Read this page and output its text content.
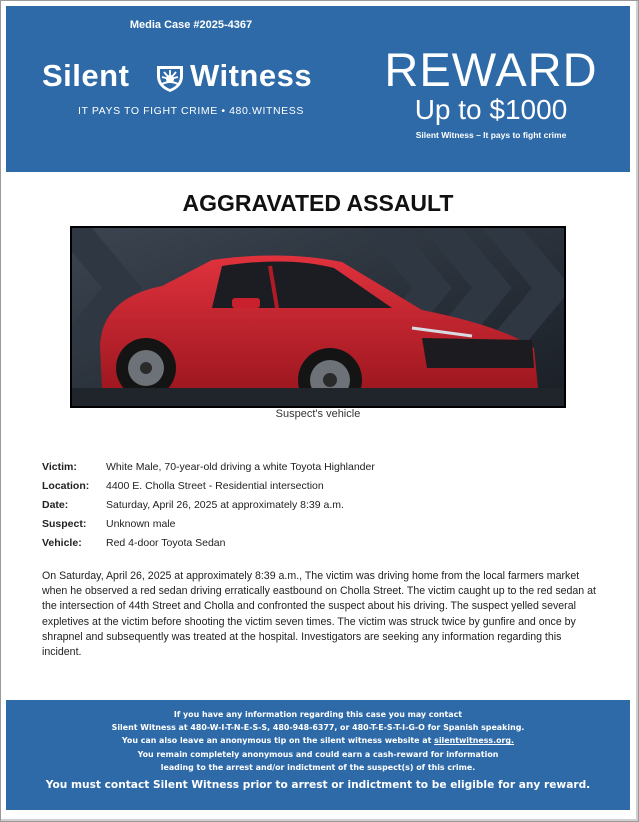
Media Case #2025-4367
Silent Witness
IT PAYS TO FIGHT CRIME • 480.WITNESS
REWARD
Up to $1000
Silent Witness – It pays to fight crime
AGGRAVATED ASSAULT
Suspect's vehicle
Victim:	White Male, 70-year-old driving a white Toyota Highlander
Location: 4400 E. Cholla Street - Residential intersection
Date:	Saturday, April 26, 2025 at approximately 8:39 a.m.
Suspect: Unknown male
Vehicle: Red 4-door Toyota Sedan
On Saturday, April 26, 2025 at approximately 8:39 a.m., The victim was driving home from the local farmers market when he observed a red sedan driving erratically eastbound on Cholla Street. The victim caught up to the red sedan at the intersection of 44th Street and Cholla and confronted the suspect about his driving. The suspect yelled several expletives at the victim before shooting the victim seven times. The victim was struck twice by gunfire and once by shrapnel and subsequently was treated at the hospital. Investigators are seeking any information regarding this incident.
If you have any information regarding this case you may contact
Silent Witness at 480-W-I-T-N-E-S-S, 480-948-6377, or 480-T-E-S-T-I-G-O for Spanish speaking.
You can also leave an anonymous tip on the silent witness website at silentwitness.org.
You remain completely anonymous and could earn a cash-reward for information
leading to the arrest and/or indictment of the suspect(s) of this crime.
You must contact Silent Witness prior to arrest or indictment to be eligible for any reward.
